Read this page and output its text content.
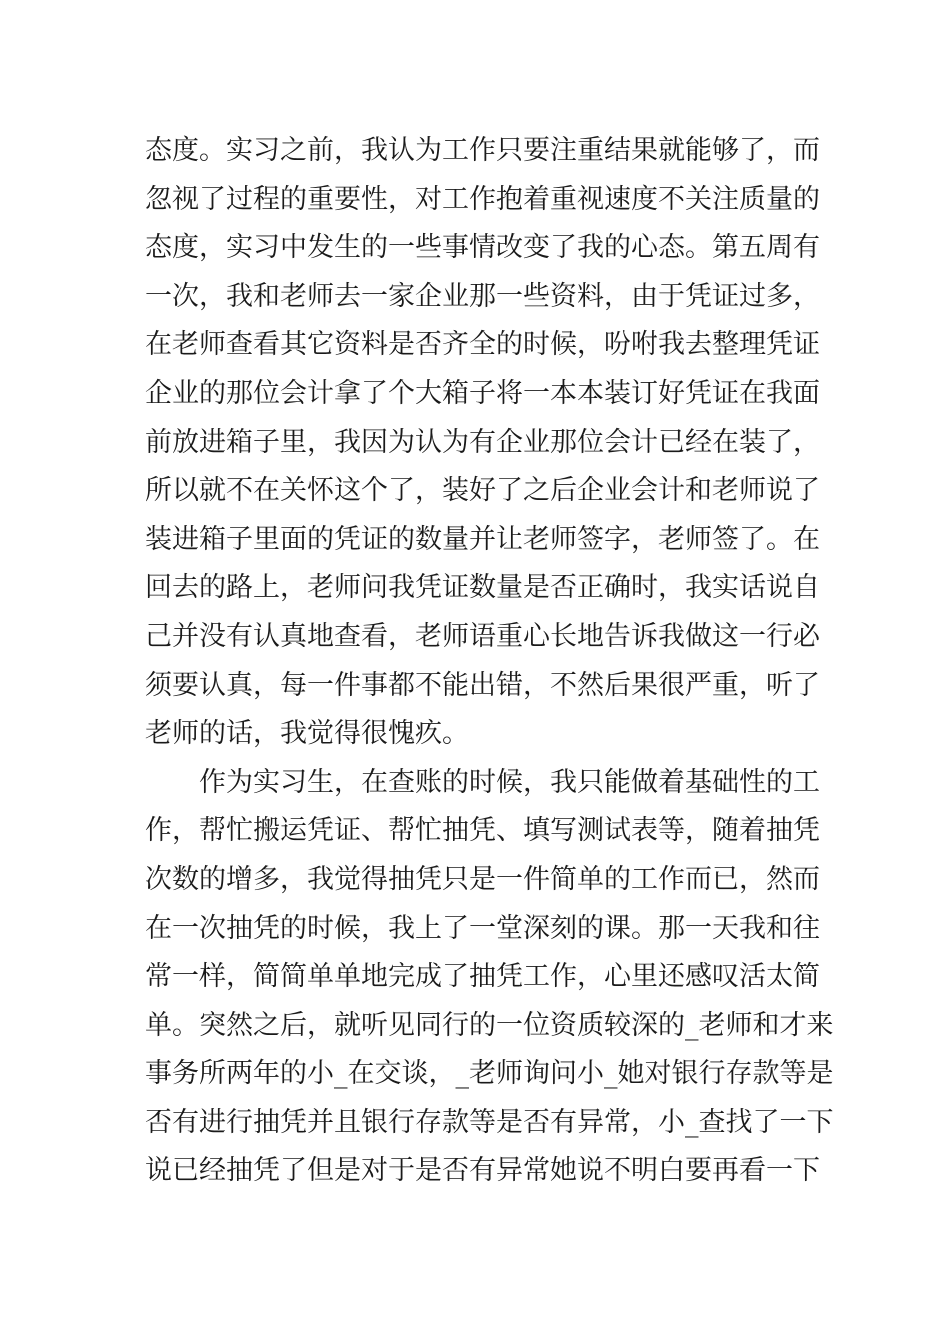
态度。实习之前，我认为工作只要注重结果就能够了，而
忽视了过程的重要性，对工作抱着重视速度不关注质量的
态度，实习中发生的一些事情改变了我的心态。第五周有
一次，我和老师去一家企业那一些资料，由于凭证过多，
在老师查看其它资料是否齐全的时候，吩咐我去整理凭证
企业的那位会计拿了个大箱子将一本本装订好凭证在我面
前放进箱子里，我因为认为有企业那位会计已经在装了，
所以就不在关怀这个了，装好了之后企业会计和老师说了
装进箱子里面的凭证的数量并让老师签字，老师签了。在
回去的路上，老师问我凭证数量是否正确时，我实话说自
己并没有认真地查看，老师语重心长地告诉我做这一行必
须要认真，每一件事都不能出错，不然后果很严重，听了
老师的话，我觉得很愧疚。
　　作为实习生，在查账的时候，我只能做着基础性的工
作，帮忙搬运凭证、帮忙抽凭、填写测试表等，随着抽凭
次数的增多，我觉得抽凭只是一件简单的工作而已，然而
在一次抽凭的时候，我上了一堂深刻的课。那一天我和往
常一样，简简单单地完成了抽凭工作，心里还感叹活太简
单。突然之后，就听见同行的一位资质较深的_老师和才来
事务所两年的小_在交谈，_老师询问小_她对银行存款等是
否有进行抽凭并且银行存款等是否有异常，小_查找了一下
说已经抽凭了但是对于是否有异常她说不明白要再看一下
